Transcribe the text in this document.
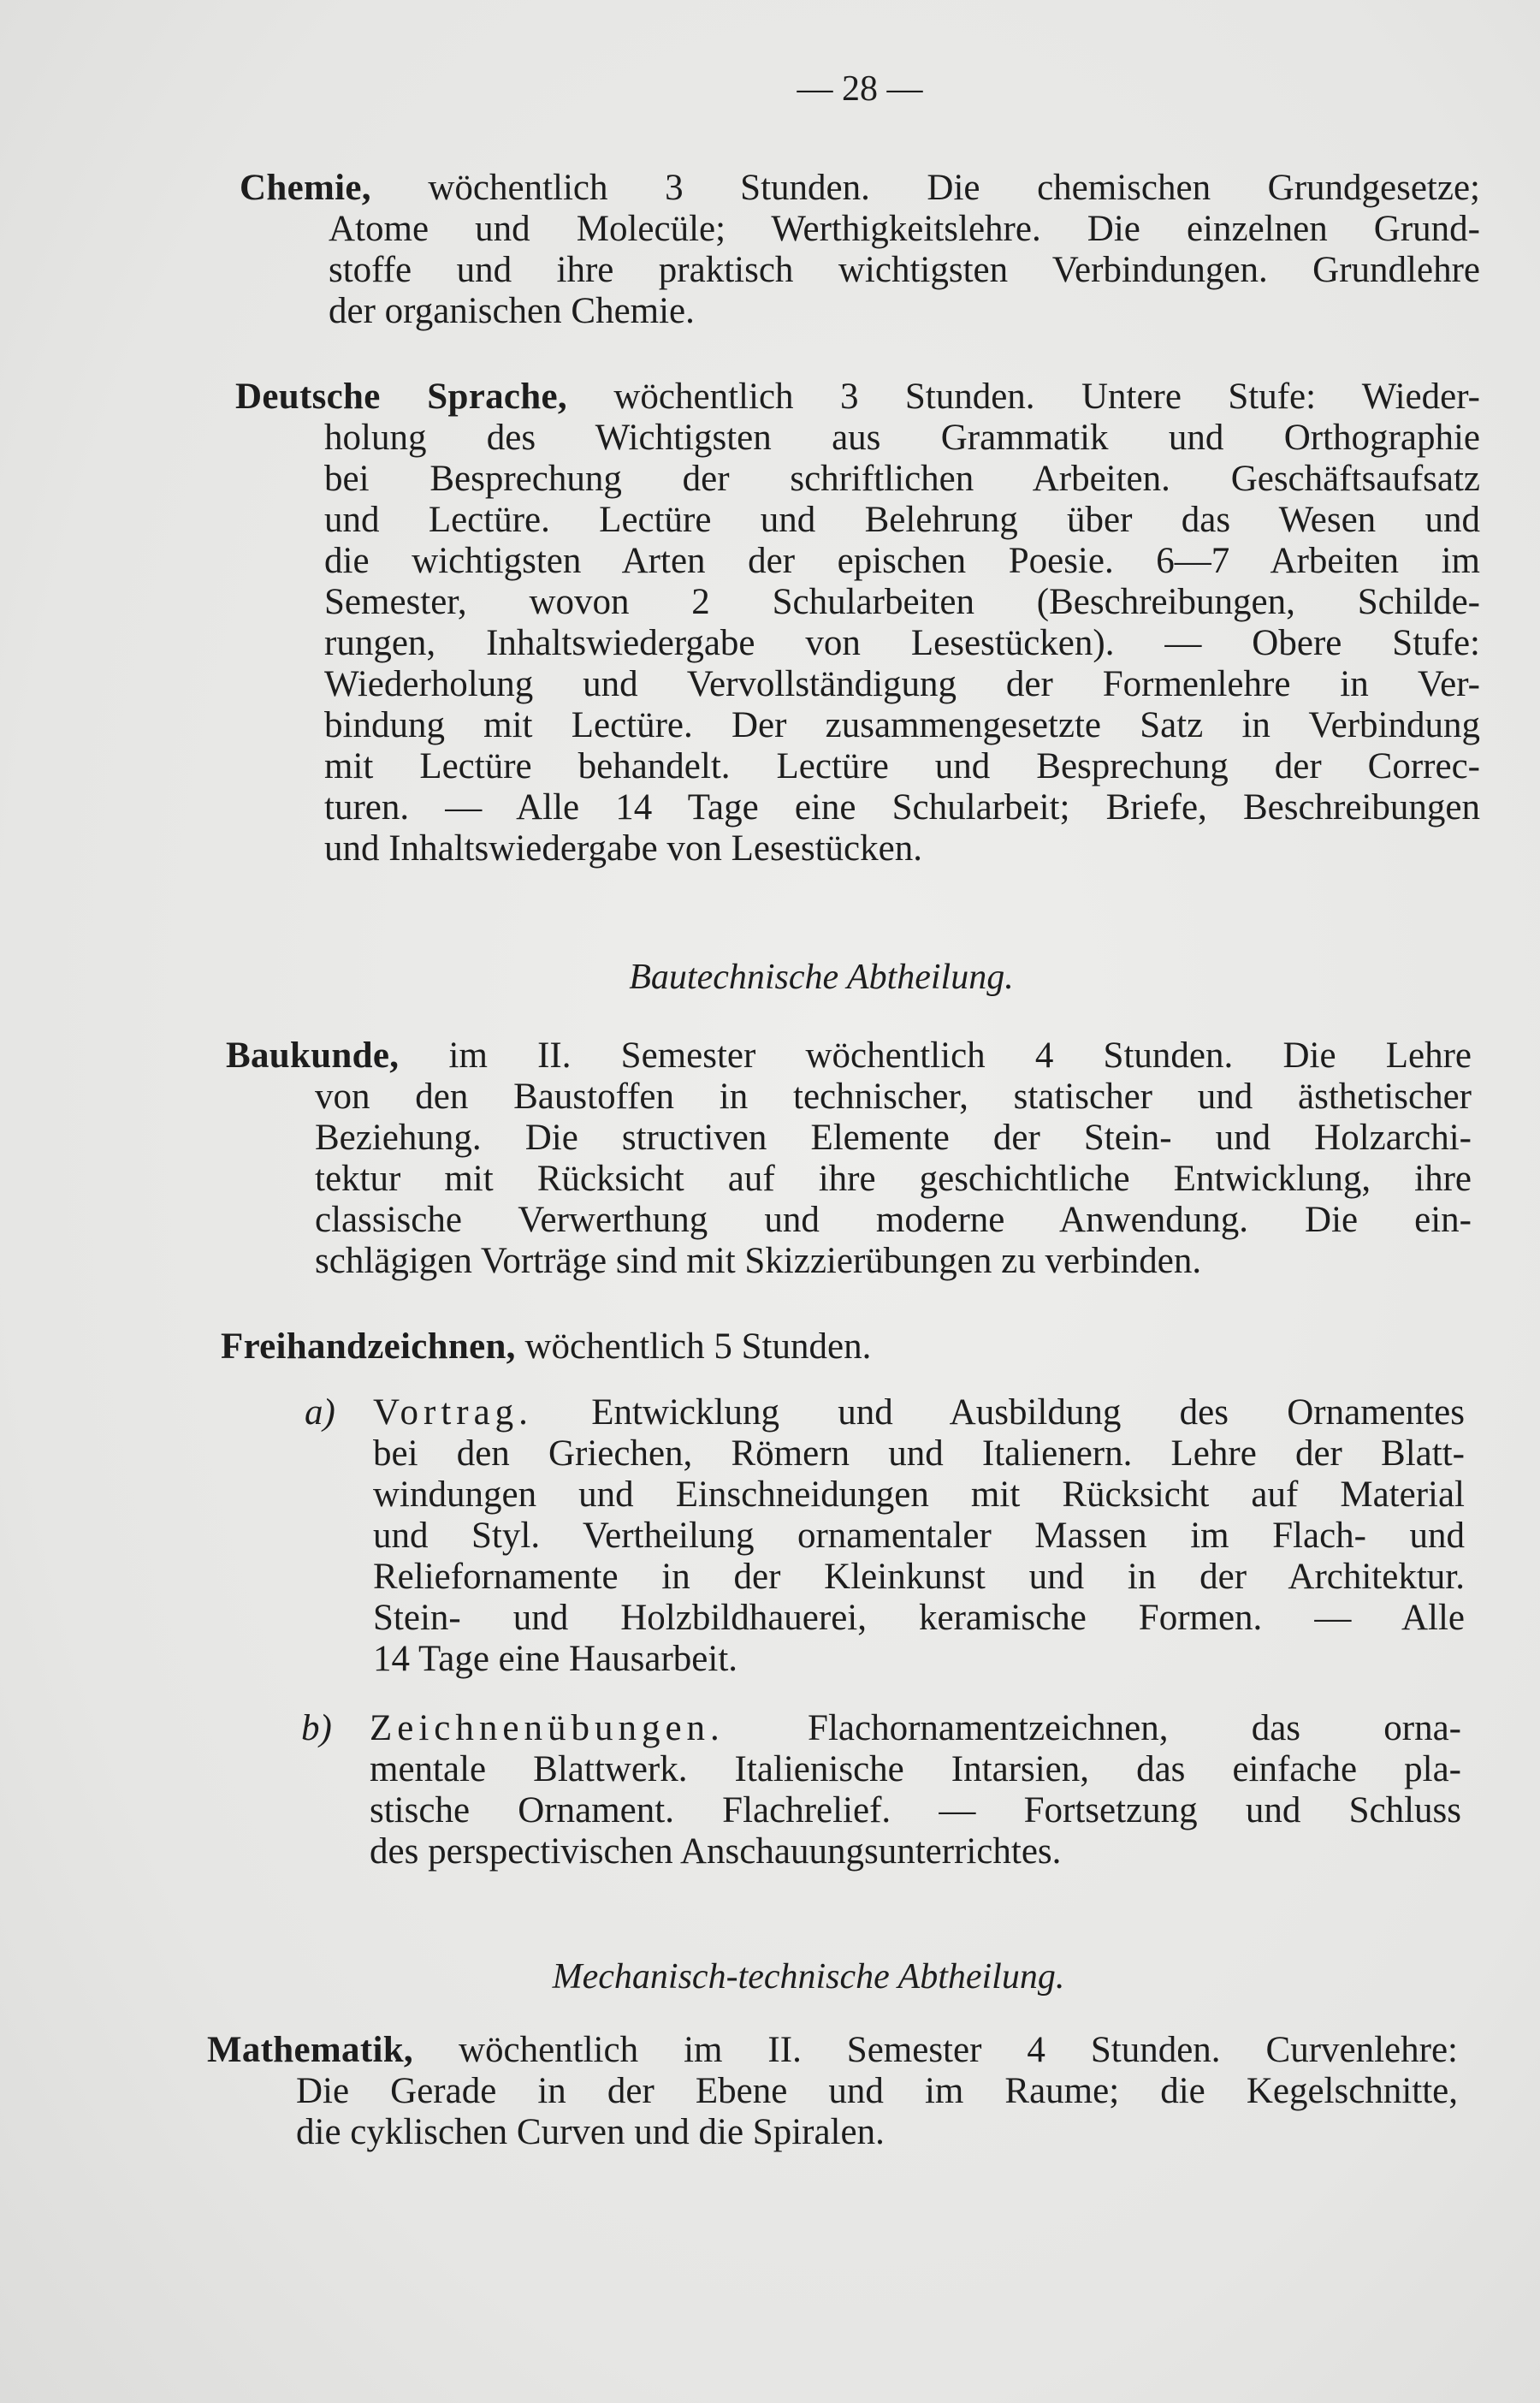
— 28 —
Chemie, wöchentlich 3 Stunden. Die chemischen Grundgesetze;
Atome und Molecüle; Werthigkeitslehre. Die einzelnen Grund-
stoffe und ihre praktisch wichtigsten Verbindungen. Grundlehre
der organischen Chemie.
Deutsche Sprache, wöchentlich 3 Stunden. Untere Stufe: Wieder-
holung des Wichtigsten aus Grammatik und Orthographie
bei Besprechung der schriftlichen Arbeiten. Geschäftsaufsatz
und Lectüre. Lectüre und Belehrung über das Wesen und
die wichtigsten Arten der epischen Poesie. 6—7 Arbeiten im
Semester, wovon 2 Schularbeiten (Beschreibungen, Schilde-
rungen, Inhaltswiedergabe von Lesestücken). — Obere Stufe:
Wiederholung und Vervollständigung der Formenlehre in Ver-
bindung mit Lectüre. Der zusammengesetzte Satz in Verbindung
mit Lectüre behandelt. Lectüre und Besprechung der Correc-
turen. — Alle 14 Tage eine Schularbeit; Briefe, Beschreibungen
und Inhaltswiedergabe von Lesestücken.
Bautechnische Abtheilung.
Baukunde, im II. Semester wöchentlich 4 Stunden. Die Lehre
von den Baustoffen in technischer, statischer und ästhetischer
Beziehung. Die structiven Elemente der Stein- und Holzarchi-
tektur mit Rücksicht auf ihre geschichtliche Entwicklung, ihre
classische Verwerthung und moderne Anwendung. Die ein-
schlägigen Vorträge sind mit Skizzierübungen zu verbinden.
Freihandzeichnen, wöchentlich 5 Stunden.
a) Vortrag. Entwicklung und Ausbildung des Ornamentes
bei den Griechen, Römern und Italienern. Lehre der Blatt-
windungen und Einschneidungen mit Rücksicht auf Material
und Styl. Vertheilung ornamentaler Massen im Flach- und
Reliefornamente in der Kleinkunst und in der Architektur.
Stein- und Holzbildhauerei, keramische Formen. — Alle
14 Tage eine Hausarbeit.
b) Zeichnenübungen. Flachornamentzeichnen, das orna-
mentale Blattwerk. Italienische Intarsien, das einfache pla-
stische Ornament. Flachrelief. — Fortsetzung und Schluss
des perspectivischen Anschauungsunterrichtes.
Mechanisch-technische Abtheilung.
Mathematik, wöchentlich im II. Semester 4 Stunden. Curvenlehre:
Die Gerade in der Ebene und im Raume; die Kegelschnitte,
die cyklischen Curven und die Spiralen.
